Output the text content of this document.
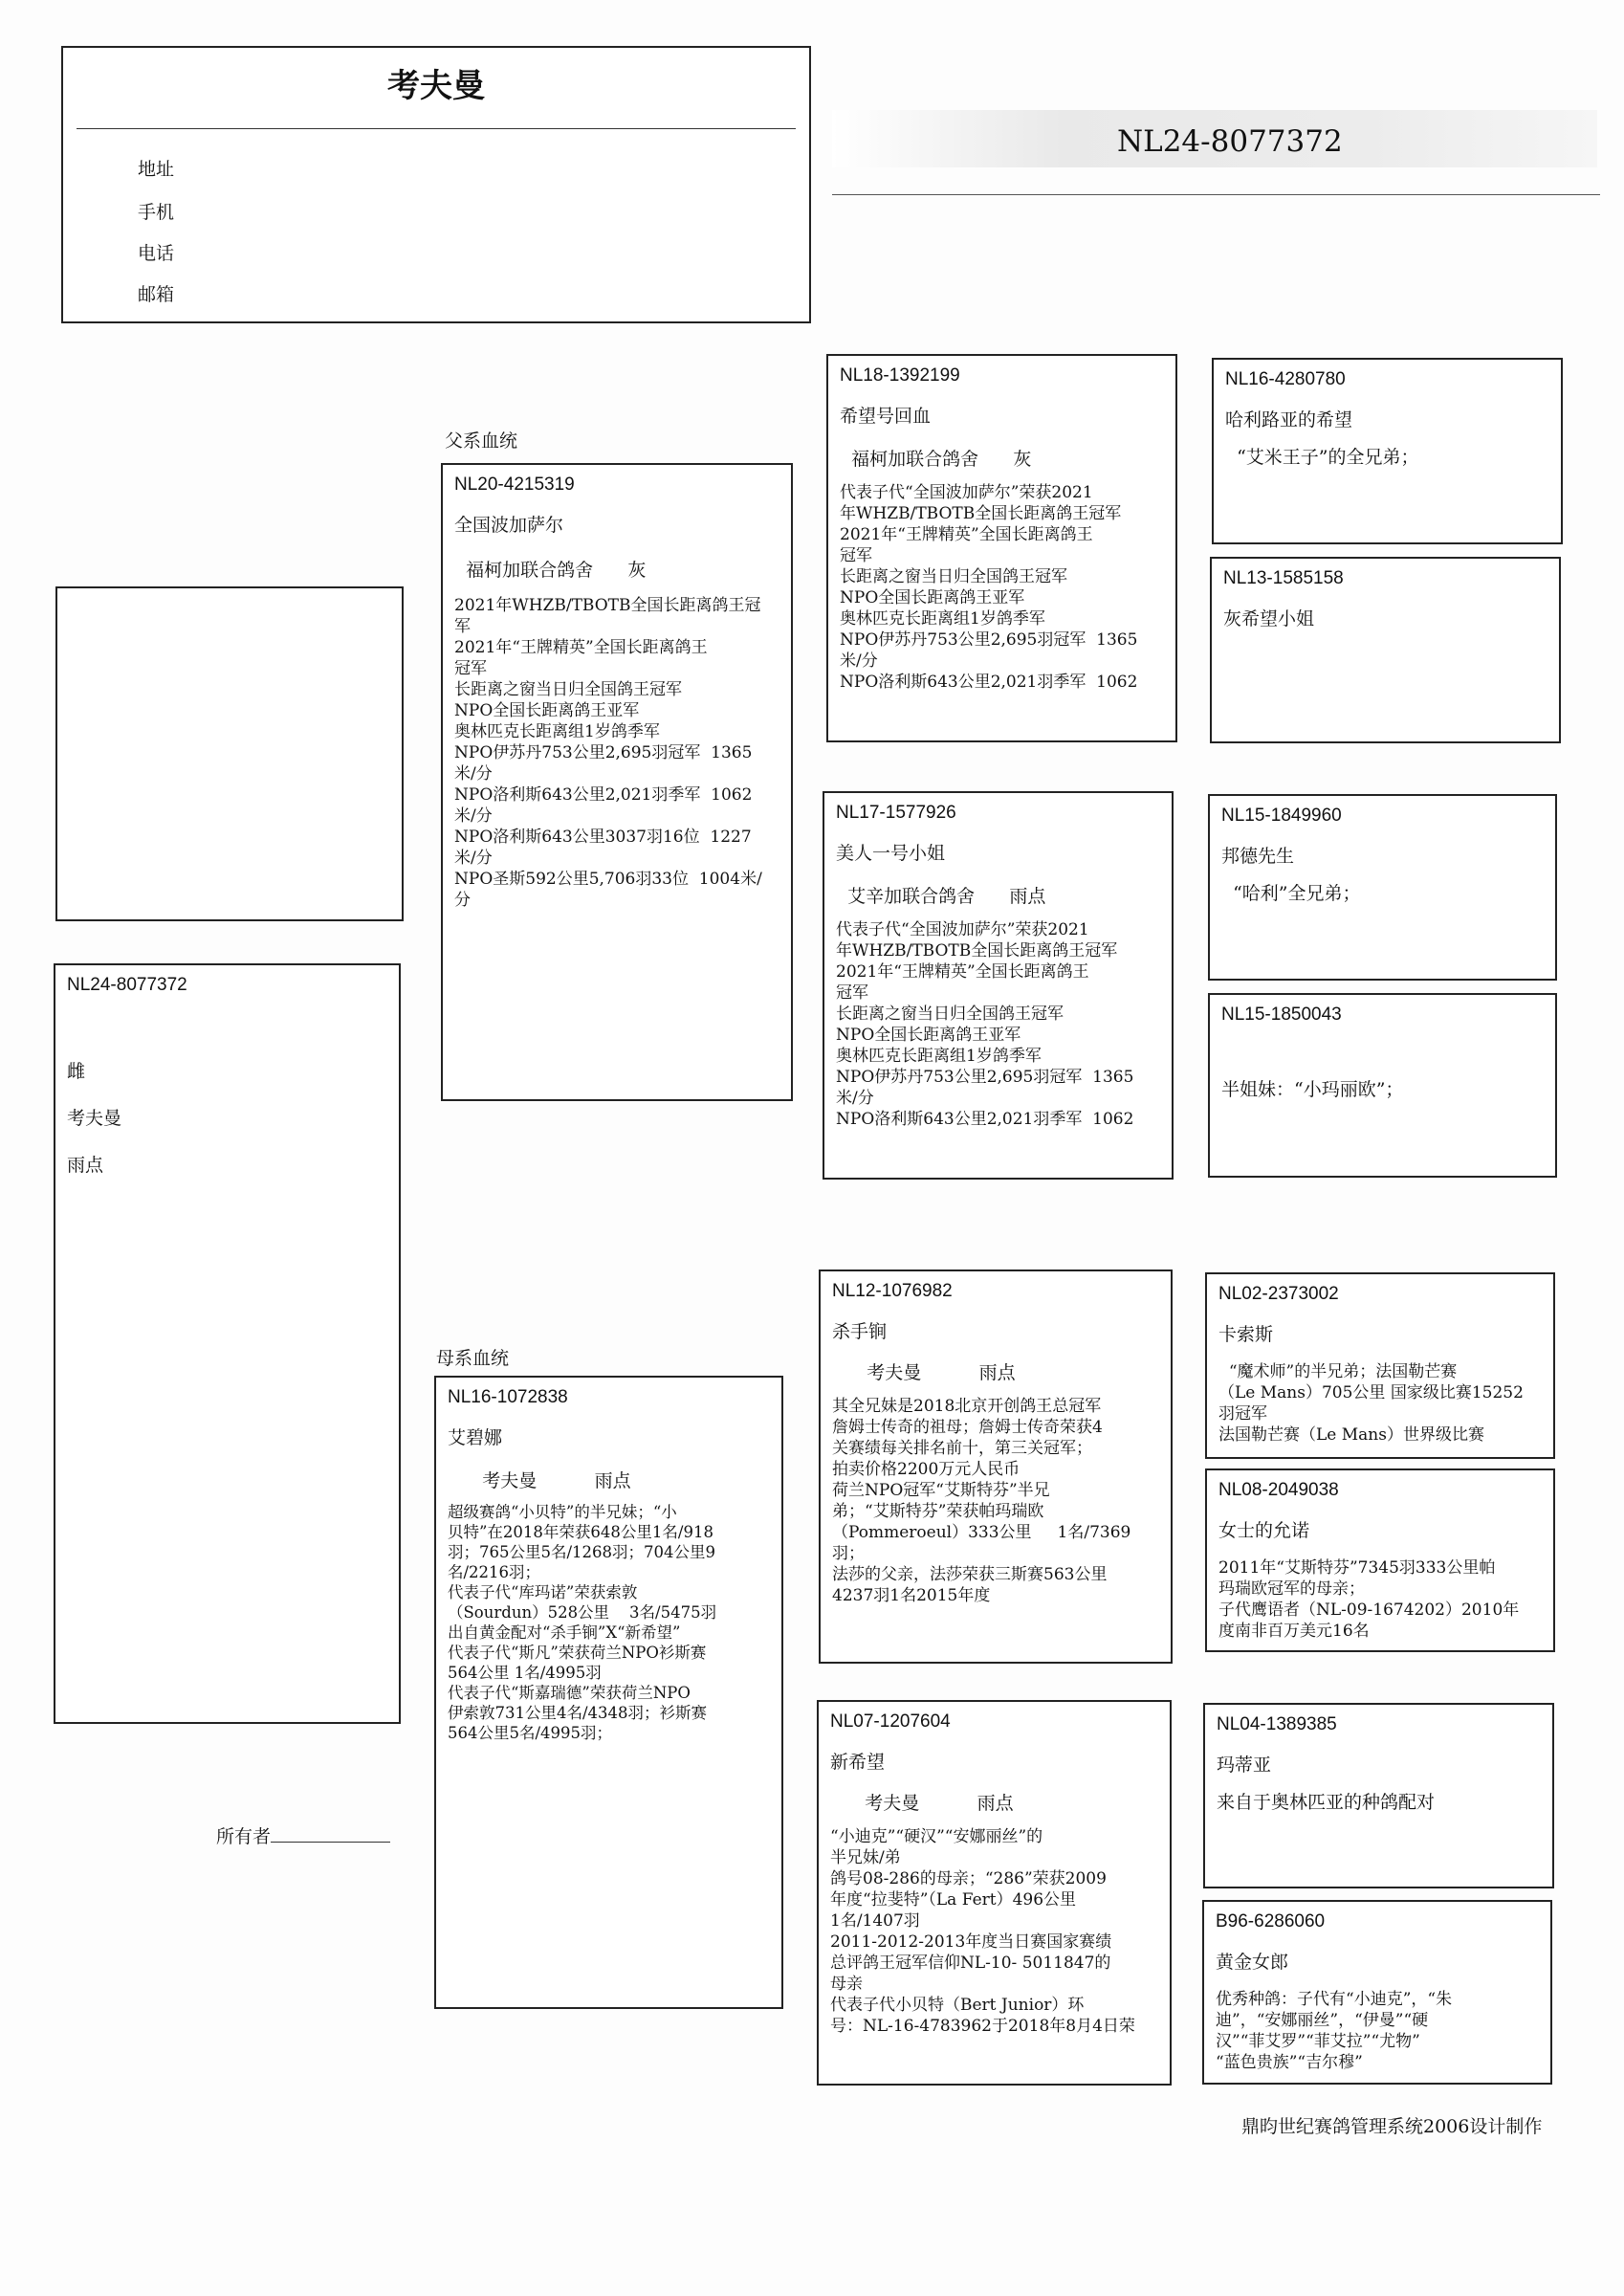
考夫曼
地址
手机
电话
邮箱
NL24-8077372
父系血统
母系血统
NL24-8077372
雌
考夫曼
雨点
所有者
NL20-4215319
全国波加萨尔
福柯加联合鸽舍      灰
2021年WHZB/TBOTB全国长距离鸽王冠
军
2021年“王牌精英”全国长距离鸽王
冠军
长距离之窗当日归全国鸽王冠军
NPO全国长距离鸽王亚军
奥林匹克长距离组1岁鸽季军
NPO伊苏丹753公里2,695羽冠军  1365
米/分
NPO洛利斯643公里2,021羽季军  1062
米/分
NPO洛利斯643公里3037羽16位  1227
米/分
NPO圣斯592公里5,706羽33位  1004米/
分
NL16-1072838
艾碧娜
考夫曼          雨点
超级赛鸽“小贝特”的半兄妹；“小
贝特”在2018年荣获648公里1名/918
羽；765公里5名/1268羽；704公里9
名/2216羽；
代表子代“库玛诺”荣获索敦
（Sourdun）528公里    3名/5475羽
出自黄金配对“杀手锏”X“新希望”
代表子代“斯凡”荣获荷兰NPO衫斯赛
564公里 1名/4995羽
代表子代“斯嘉瑞德”荣获荷兰NPO
伊索敦731公里4名/4348羽；衫斯赛
564公里5名/4995羽；
NL18-1392199
希望号回血
福柯加联合鸽舍      灰
代表子代“全国波加萨尔”荣获2021
年WHZB/TBOTB全国长距离鸽王冠军
2021年“王牌精英”全国长距离鸽王
冠军
长距离之窗当日归全国鸽王冠军
NPO全国长距离鸽王亚军
奥林匹克长距离组1岁鸽季军
NPO伊苏丹753公里2,695羽冠军  1365
米/分
NPO洛利斯643公里2,021羽季军  1062
NL17-1577926
美人一号小姐
艾辛加联合鸽舍      雨点
代表子代“全国波加萨尔”荣获2021
年WHZB/TBOTB全国长距离鸽王冠军
2021年“王牌精英”全国长距离鸽王
冠军
长距离之窗当日归全国鸽王冠军
NPO全国长距离鸽王亚军
奥林匹克长距离组1岁鸽季军
NPO伊苏丹753公里2,695羽冠军  1365
米/分
NPO洛利斯643公里2,021羽季军  1062
NL12-1076982
杀手锏
考夫曼          雨点
其全兄妹是2018北京开创鸽王总冠军
詹姆士传奇的祖母；詹姆士传奇荣获4
关赛绩每关排名前十，第三关冠军；
拍卖价格2200万元人民币
荷兰NPO冠军“艾斯特芬”半兄
弟；“艾斯特芬”荣获帕玛瑞欧
（Pommeroeul）333公里     1名/7369
羽；
法莎的父亲，法莎荣获三斯赛563公里
4237羽1名2015年度
NL07-1207604
新希望
考夫曼          雨点
“小迪克”“硬汉”“安娜丽丝”的
半兄妹/弟
鸽号08-286的母亲；“286”荣获2009
年度“拉斐特”（La Fert）496公里
1名/1407羽
2011-2012-2013年度当日赛国家赛绩
总评鸽王冠军信仰NL-10- 5011847的
母亲
代表子代小贝特（Bert Junior）环
号：NL-16-4783962于2018年8月4日荣
NL16-4280780
哈利路亚的希望
“艾米王子”的全兄弟；
NL13-1585158
灰希望小姐
NL15-1849960
邦德先生
“哈利”全兄弟；
NL15-1850043
半姐妹：“小玛丽欧”；
NL02-2373002
卡索斯
“魔术师”的半兄弟；法国勒芒赛
（Le Mans）705公里 国家级比赛15252
羽冠军
法国勒芒赛（Le Mans）世界级比赛
NL08-2049038
女士的允诺
2011年“艾斯特芬”7345羽333公里帕
玛瑞欧冠军的母亲；
子代鹰语者（NL-09-1674202）2010年
度南非百万美元16名
NL04-1389385
玛蒂亚
来自于奥林匹亚的种鸽配对
B96-6286060
黄金女郎
优秀种鸽：子代有“小迪克”，“朱
迪”，“安娜丽丝”，“伊曼”“硬
汉”“菲艾罗”“菲艾拉”“尤物”
“蓝色贵族”“吉尔穆”
鼎昀世纪赛鸽管理系统2006设计制作
